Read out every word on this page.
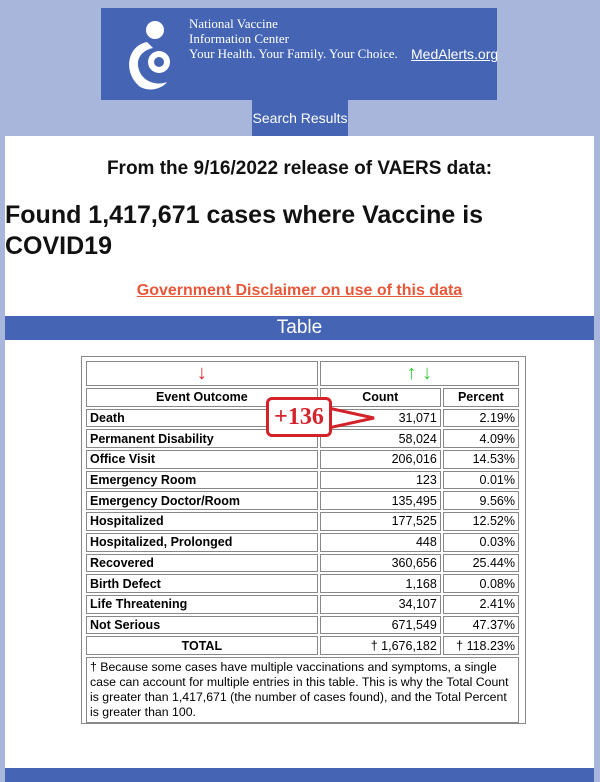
National Vaccine
Information Center
Your Health. Your Family. Your Choice. MedAlerts.org
Search Results
From the 9/16/2022 release of VAERS data:
Found 1,417,671 cases where Vaccine is COVID19
Government Disclaimer on use of this data
Table
↓	↑ ↓	
Event Outcome	Count	Percent
Death	31,071	2.19%
Permanent Disability	58,024	4.09%
Office Visit	206,016	14.53%
Emergency Room	123	0.01%
Emergency Doctor/Room	135,495	9.56%
Hospitalized	177,525	12.52%
Hospitalized, Prolonged	448	0.03%
Recovered	360,656	25.44%
Birth Defect	1,168	0.08%
Life Threatening	34,107	2.41%
Not Serious	671,549	47.37%
TOTAL	† 1,676,182	† 118.23%
† Because some cases have multiple vaccinations and symptoms, a single case can account for multiple entries in this table. This is why the Total Count is greater than 1,417,671 (the number of cases found), and the Total Percent is greater than 100.		
+136
